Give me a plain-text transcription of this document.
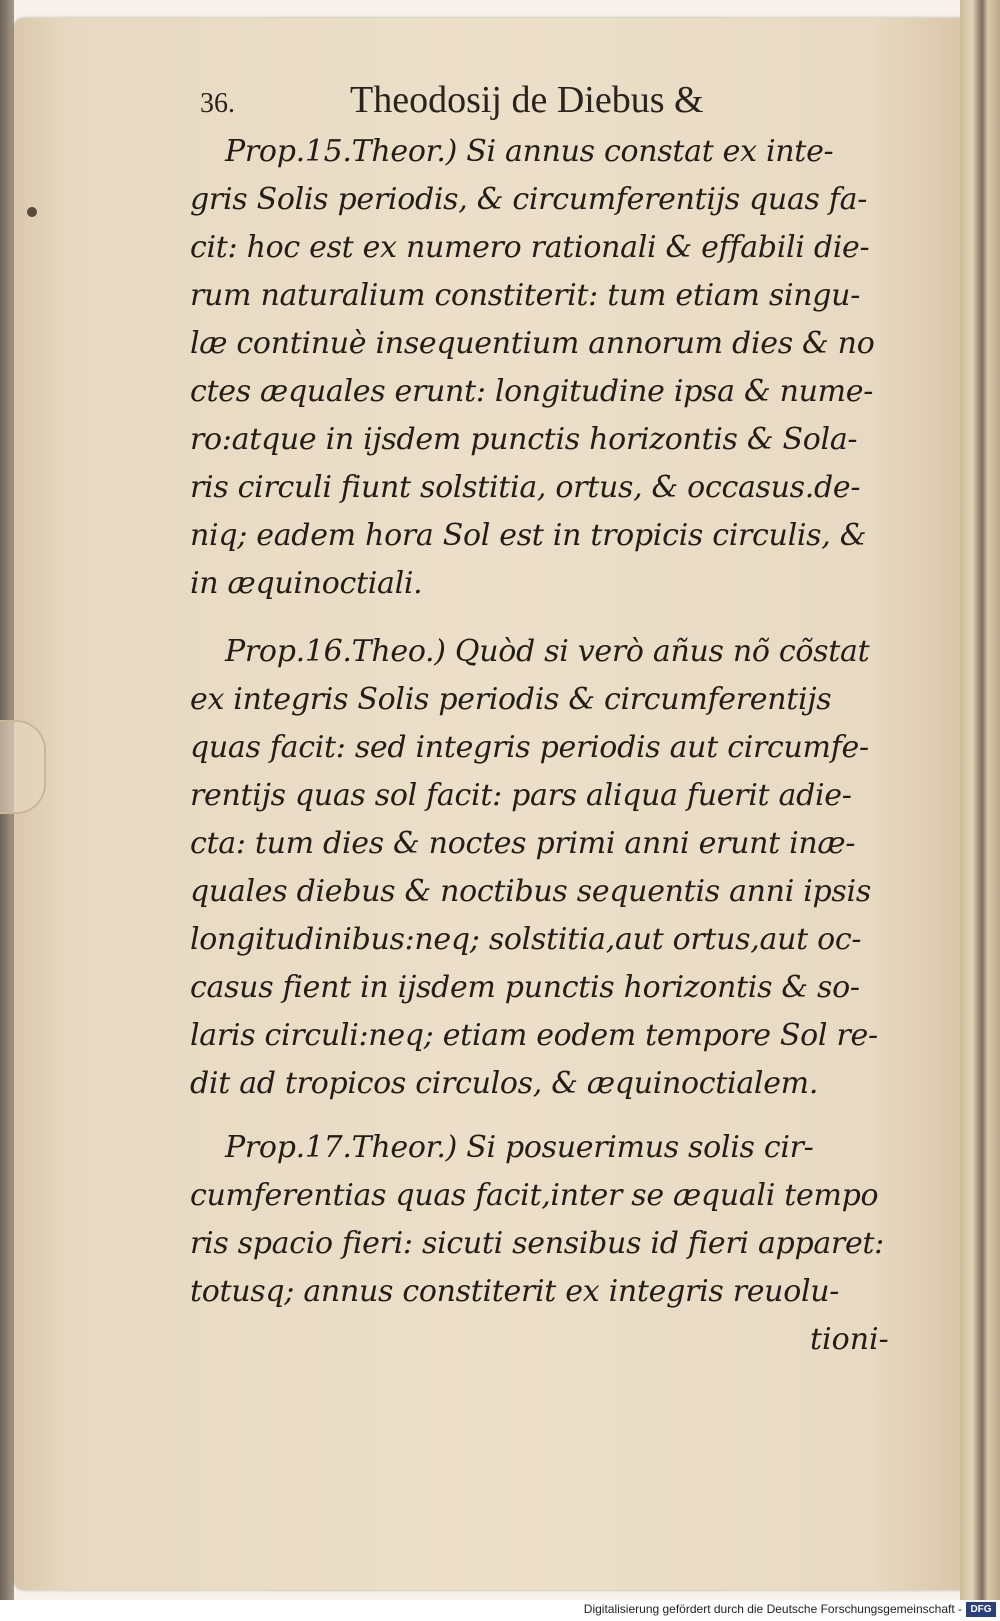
36.	Theodosij de Diebus &
Prop.15.Theor.) Si annus constat ex inte-
gris Solis periodis, & circumferentijs quas fa-
cit: hoc est ex numero rationali & effabili die-
rum naturalium constiterit: tum etiam singu-
læ continuè insequentium annorum dies & no
ctes æquales erunt: longitudine ipsa & nume-
ro:atque in ijsdem punctis horizontis & Sola-
ris circuli fiunt solstitia, ortus, & occasus.de-
niq; eadem hora Sol est in tropicis circulis, &
in æquinoctiali.
Prop.16.Theo.) Quòd si verò añus nõ cõstat
ex integris Solis periodis & circumferentijs
quas facit: sed integris periodis aut circumfe-
rentijs quas sol facit: pars aliqua fuerit adie-
cta: tum dies & noctes primi anni erunt inæ-
quales diebus & noctibus sequentis anni ipsis
longitudinibus:neq; solstitia,aut ortus,aut oc-
casus fient in ijsdem punctis horizontis & so-
laris circuli:neq; etiam eodem tempore Sol re-
dit ad tropicos circulos, & æquinoctialem.
Prop.17.Theor.) Si posuerimus solis cir-
cumferentias quas facit,inter se æquali tempo
ris spacio fieri: sicuti sensibus id fieri apparet:
totusq; annus constiterit ex integris reuolu-
tioni-
Digitalisierung gefördert durch die Deutsche Forschungsgemeinschaft - DFG
